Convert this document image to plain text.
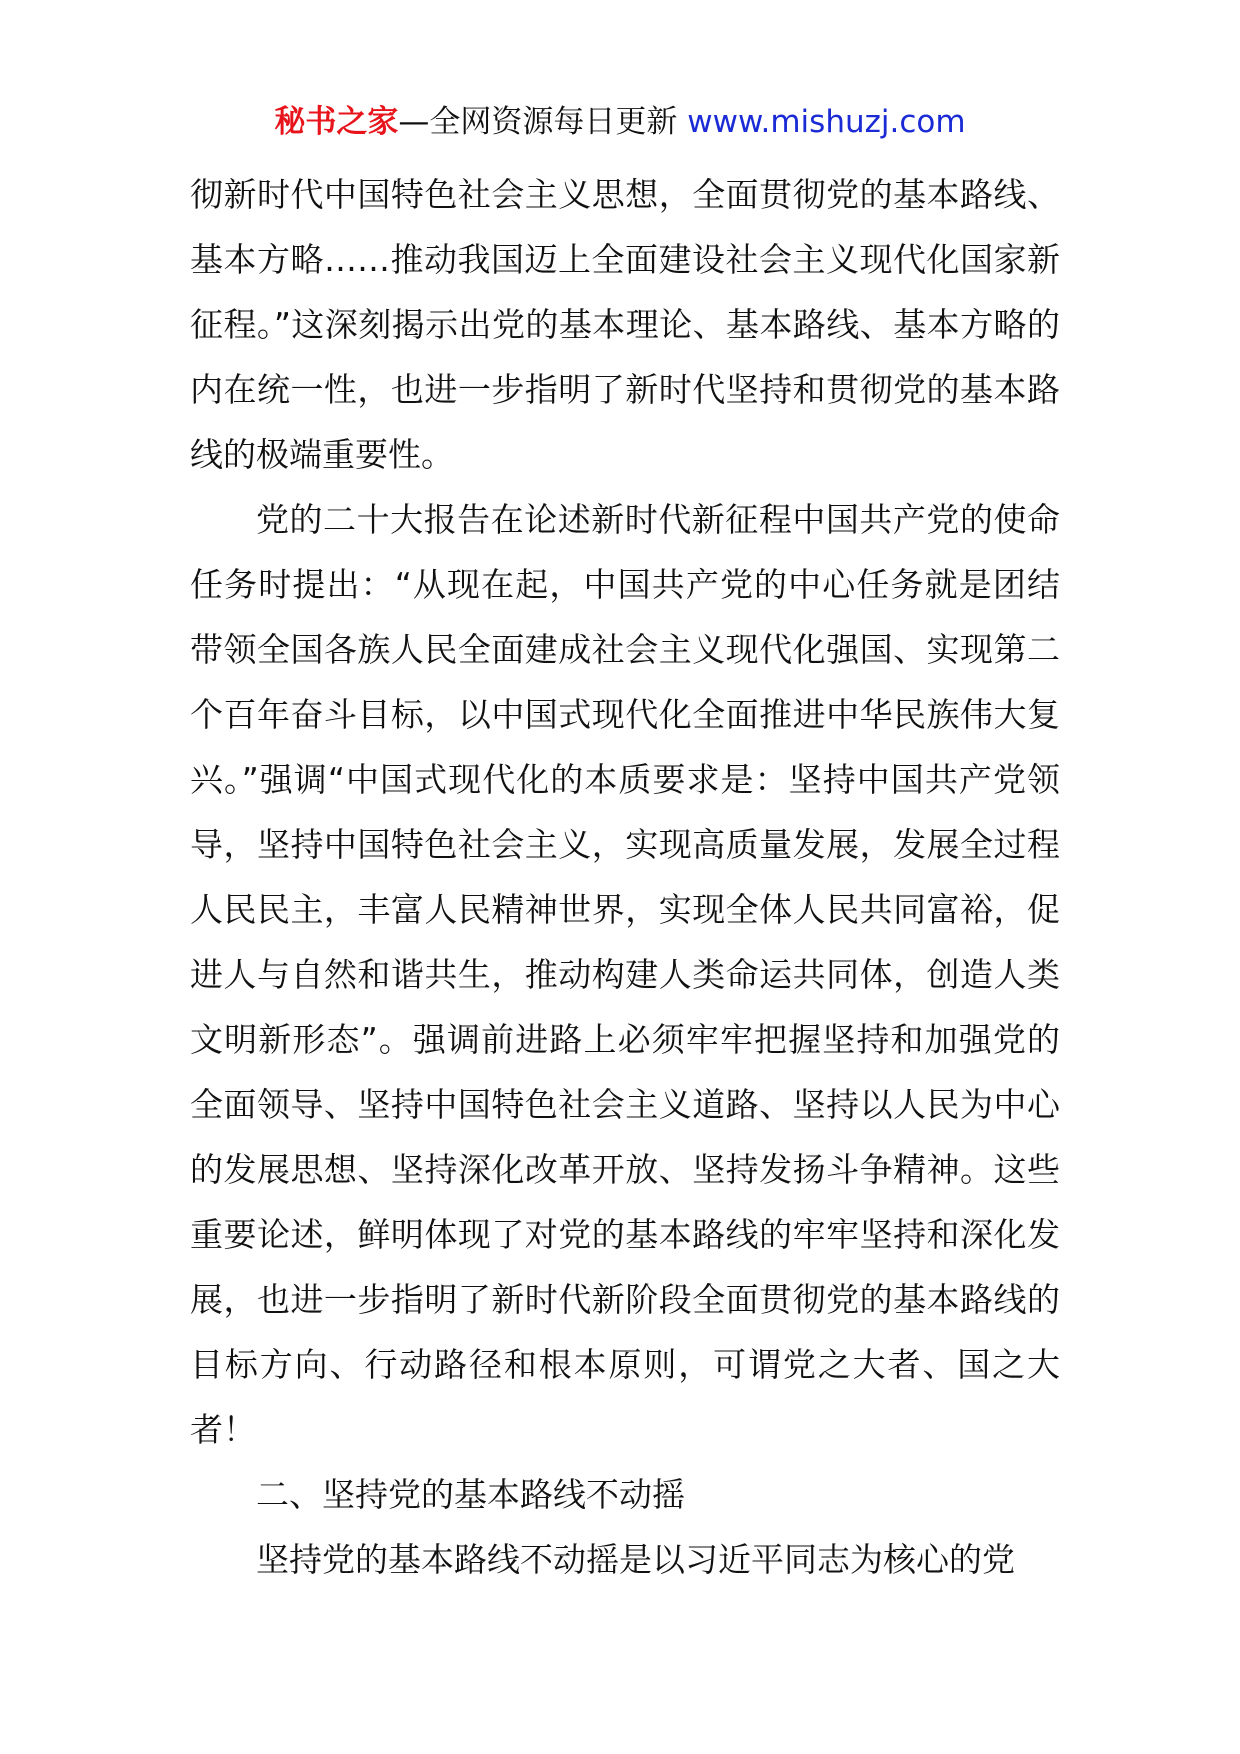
秘书之家—全网资源每日更新 www.mishuzj.com

彻新时代中国特色社会主义思想，全面贯彻党的基本路线、基本方略……推动我国迈上全面建设社会主义现代化国家新征程。”这深刻揭示出党的基本理论、基本路线、基本方略的内在统一性，也进一步指明了新时代坚持和贯彻党的基本路线的极端重要性。

党的二十大报告在论述新时代新征程中国共产党的使命任务时提出：“从现在起，中国共产党的中心任务就是团结带领全国各族人民全面建成社会主义现代化强国、实现第二个百年奋斗目标，以中国式现代化全面推进中华民族伟大复兴。”强调“中国式现代化的本质要求是：坚持中国共产党领导，坚持中国特色社会主义，实现高质量发展，发展全过程人民民主，丰富人民精神世界，实现全体人民共同富裕，促进人与自然和谐共生，推动构建人类命运共同体，创造人类文明新形态”。强调前进路上必须牢牢把握坚持和加强党的全面领导、坚持中国特色社会主义道路、坚持以人民为中心的发展思想、坚持深化改革开放、坚持发扬斗争精神。这些重要论述，鲜明体现了对党的基本路线的牢牢坚持和深化发展，也进一步指明了新时代新阶段全面贯彻党的基本路线的目标方向、行动路径和根本原则，可谓党之大者、国之大者！

二、坚持党的基本路线不动摇

坚持党的基本路线不动摇是以习近平同志为核心的党
